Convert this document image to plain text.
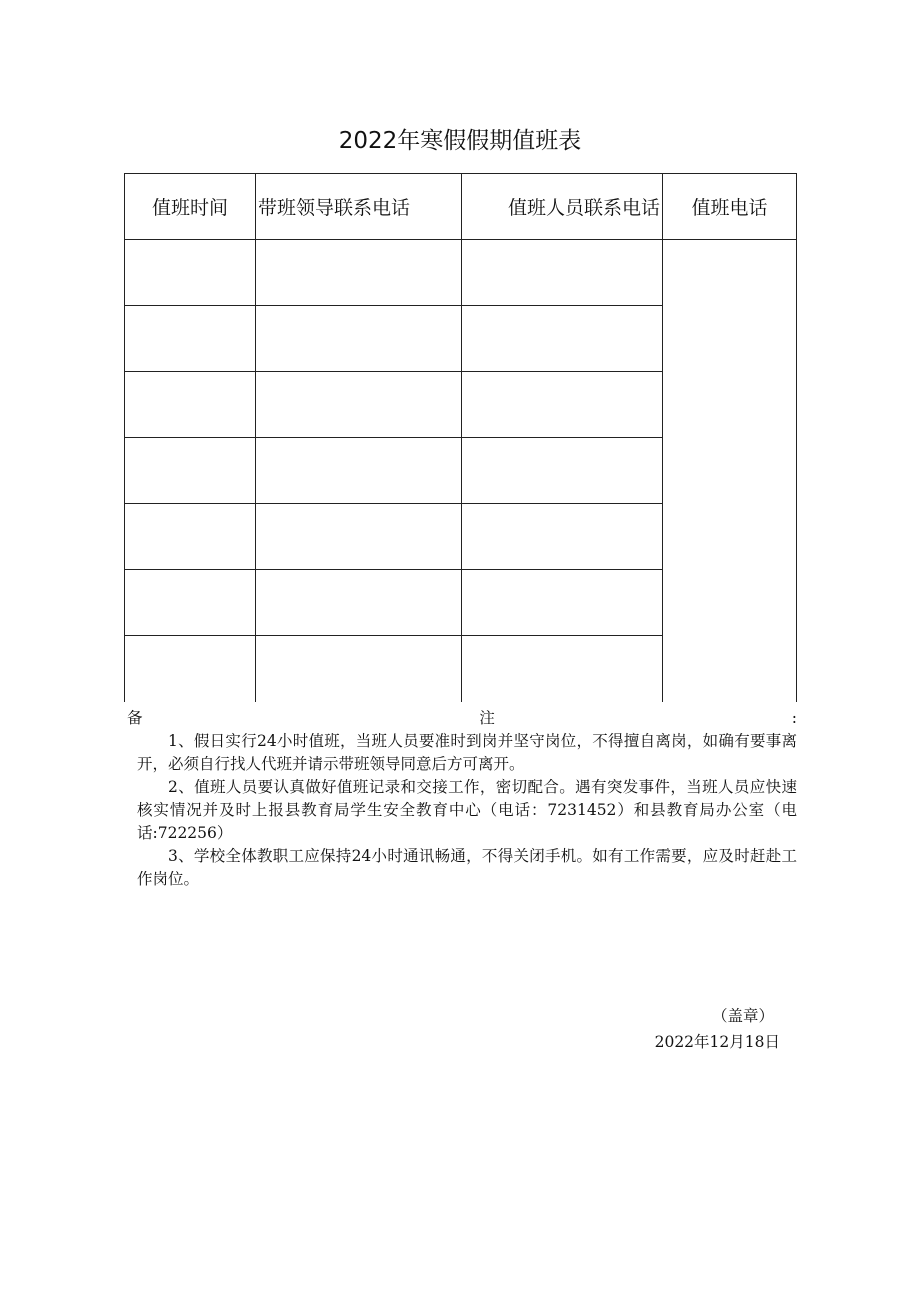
2022年寒假假期值班表
值班时间	带班领导联系电话	值班人员联系电话	值班电话

备	注	:

1、假日实行24小时值班，当班人员要准时到岗并坚守岗位，不得擅自离岗，如确有要事离开，必须自行找人代班并请示带班领导同意后方可离开。

2、值班人员要认真做好值班记录和交接工作，密切配合。遇有突发事件，当班人员应快速核实情况并及时上报县教育局学生安全教育中心（电话：7231452）和县教育局办公室（电话:722256）

3、学校全体教职工应保持24小时通讯畅通，不得关闭手机。如有工作需要，应及时赶赴工作岗位。

（盖章）
2022年12月18日
